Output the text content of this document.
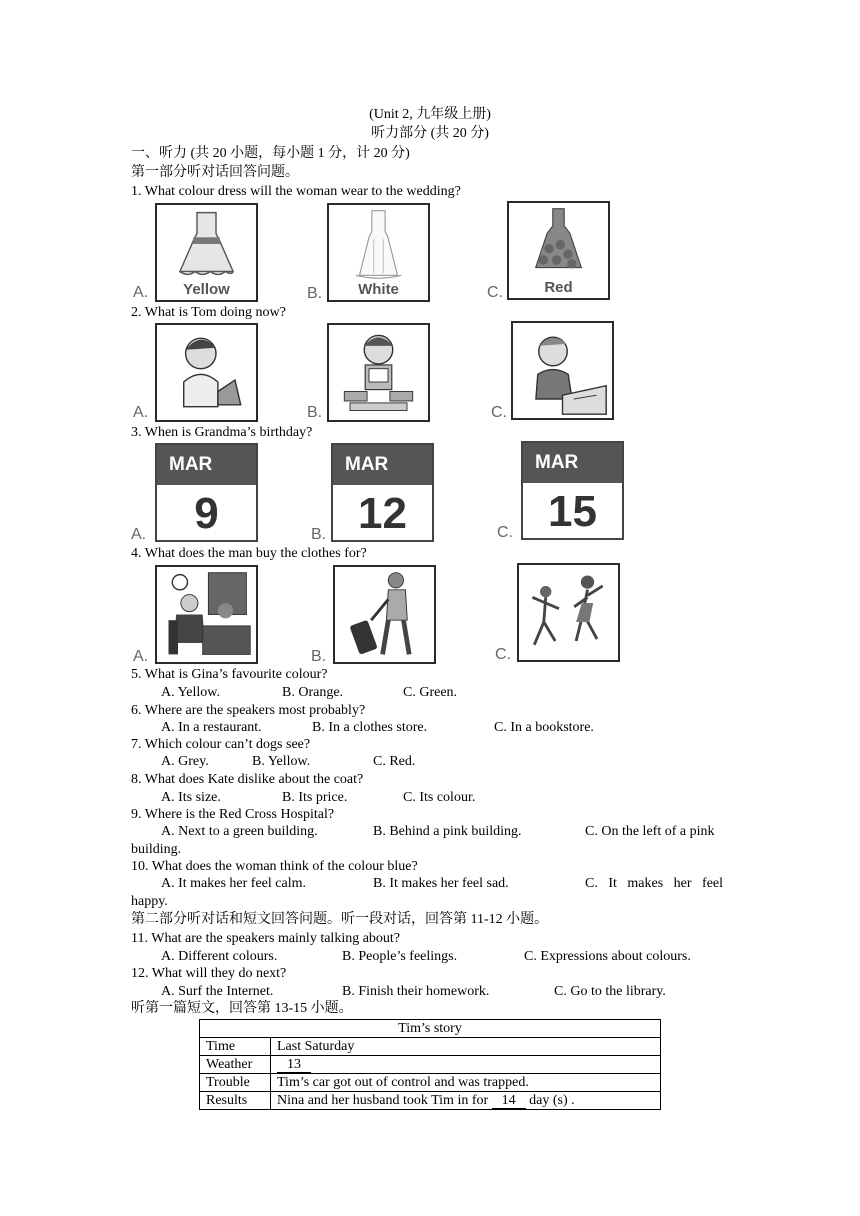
(Unit 2, 九年级上册)
听力部分 (共 20 分)
一、听力 (共 20 小题，每小题 1 分，计 20 分)
第一部分听对话回答问题。
1. What colour dress will the woman wear to the wedding?
A.	Yellow	B.	White	C.	Red
2. What is Tom doing now?
A.	B.	C.
3. When is Grandma’s birthday?
A.
MAR
9	B.
MAR
12	C.
MAR
15
4. What does the man buy the clothes for?
A.	B.	C.
5. What is Gina’s favourite colour?
A. Yellow.	B. Orange.	C. Green.
6. Where are the speakers most probably?
A. In a restaurant.	B. In a clothes store.	C. In a bookstore.
7. Which colour can’t dogs see?
A. Grey.	B. Yellow.	C. Red.
8. What does Kate dislike about the coat?
A. Its size.	B. Its price.	C. Its colour.
9. Where is the Red Cross Hospital?
A. Next to a green building.	B. Behind a pink building.	C. On the left of a pink
building.
10. What does the woman think of the colour blue?
A. It makes her feel calm.	B. It makes her feel sad.	C.   It   makes   her   feel
happy.
第二部分听对话和短文回答问题。听一段对话，回答第 11-12 小题。
11. What are the speakers mainly talking about?
A. Different colours.	B. People’s feelings.	C. Expressions about colours.
12. What will they do next?
A. Surf the Internet.	B. Finish their homework.	C. Go to the library.
听第一篇短文，回答第 13-15 小题。
Tim’s story	
Time	Last Saturday
Weather	13
Trouble	Tim’s car got out of control and was trapped.
Results	Nina and her husband took Tim in for 14 day (s) .
